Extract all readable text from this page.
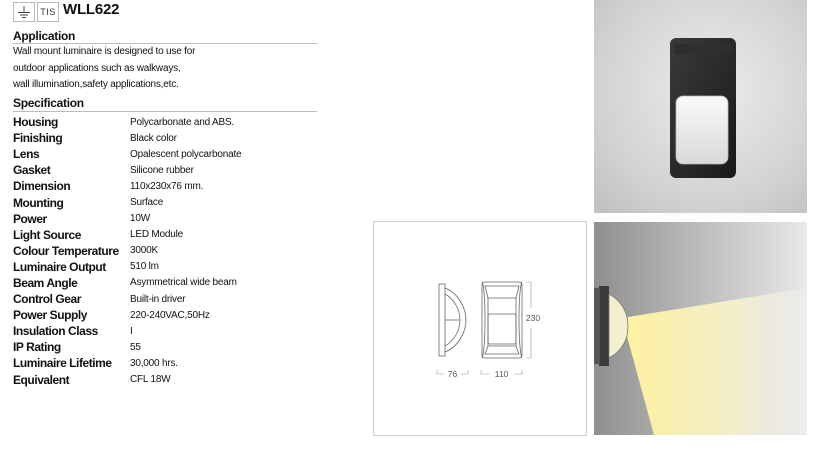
TIS WLL622
Application
Wall mount luminaire is designed to use for
outdoor applications such as walkways,
wall illumination,safety applications,etc.
Specification
Housing	Polycarbonate and ABS.
Finishing	Black color
Lens	Opalescent polycarbonate
Gasket	Silicone rubber
Dimension	110x230x76 mm.
Mounting	Surface
Power	10W
Light Source	LED Module
Colour Temperature	3000K
Luminaire Output	510 lm
Beam Angle	Asymmetrical wide beam
Control Gear	Built-in driver
Power Supply	220-240VAC,50Hz
Insulation Class	I
IP Rating	55
Luminaire Lifetime	30,000 hrs.
Equivalent	CFL 18W
76	110
230
